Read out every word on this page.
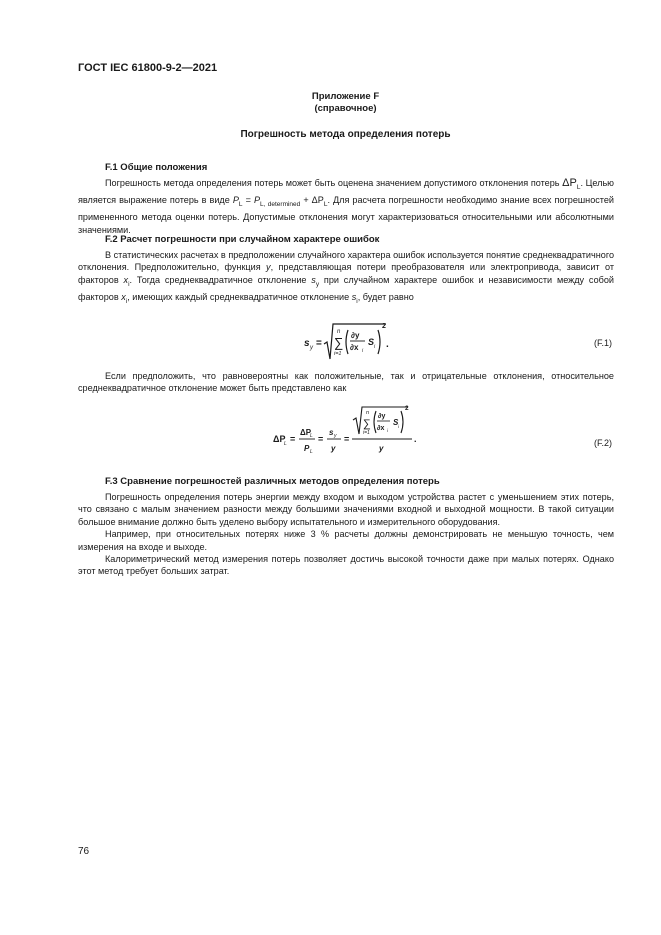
ГОСТ IEC 61800-9-2—2021
Приложение F
(справочное)
Погрешность метода определения потерь
F.1 Общие положения

Погрешность метода определения потерь может быть оценена значением допустимого отклонения потерь $\Delta P_L$. Целью является выражение потерь в виде $P_L = P_{L, determined} + \Delta P_L$. Для расчета погрешности необходимо знание всех погрешностей примененного метода оценки потерь. Допустимые отклонения могут характеризоваться относительными или абсолютными значениями.

F.2 Расчет погрешности при случайном характере ошибок

В статистических расчетах в предположении случайного характера ошибок используется понятие среднеквадратичного отклонения. Предположительно, функция y, представляющая потери преобразователя или электропривода, зависит от факторов $x_i$. Тогда среднеквадратичное отклонение $s_y$ при случайном характере ошибок и независимости между собой факторов $x_i$, имеющих каждый среднеквадратичное отклонение $s_i$, будет равно

s y =
n
∑
i=1
∂y
∂x i
S i
2
.	(F.1)

Если предположить, что равновероятны как положительные, так и отрицательные отклонения, относительное среднеквадратичное отклонение может быть представлено как

ΔP
L =
ΔP
L
P L
=
s y
y
=
n
∑
i=1
∂y
∂x i
S i
2
y
.	(F.2)
F.3 Сравнение погрешностей различных методов определения потерь

Погрешность определения потерь энергии между входом и выходом устройства растет с уменьшением этих потерь, что связано с малым значением разности между большими значениями входной и выходной мощности. В такой ситуации большое внимание должно быть уделено выбору испытательного и измерительного оборудования.

Например, при относительных потерях ниже 3 % расчеты должны демонстрировать не меньшую точность, чем измерения на входе и выходе.

Калориметрический метод измерения потерь позволяет достичь высокой точности даже при малых потерях. Однако этот метод требует больших затрат.

76
